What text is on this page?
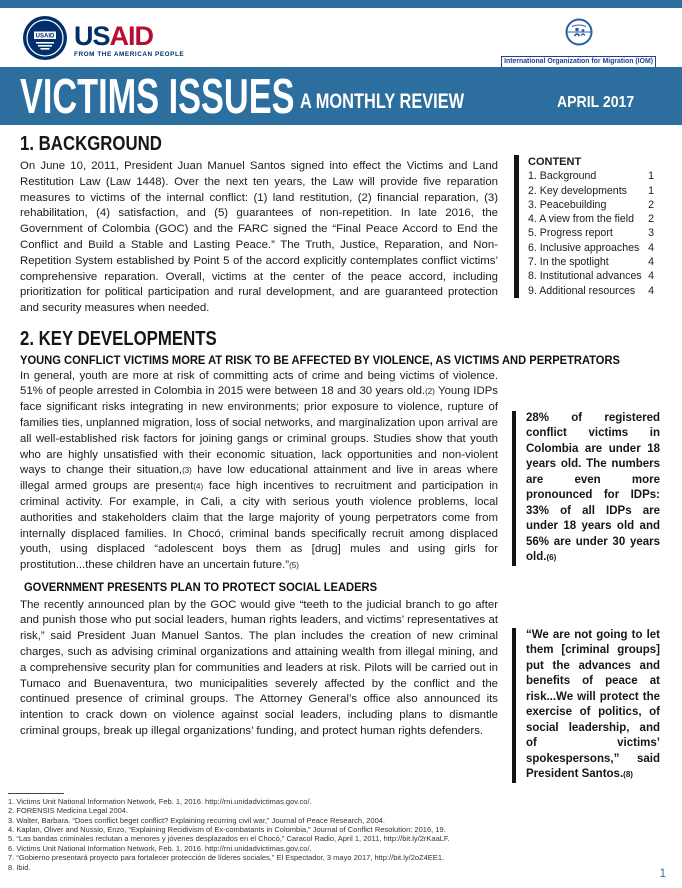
USAID USAID
FROM THE AMERICAN PEOPLE
International Organization for Migration (IOM)
VICTIMS ISSUES A MONTHLY REVIEW	APRIL 2017
1. BACKGROUND

On June 10, 2011, President Juan Manuel Santos signed into effect the Victims and Land Restitution Law (Law 1448). Over the next ten years, the Law will provide five reparation measures to victims of the internal conflict: (1) land restitution, (2) financial reparation, (3) rehabilitation, (4) satisfaction, and (5) guarantees of non-repetition. In late 2016, the Government of Colombia (GOC) and the FARC signed the “Final Peace Accord to End the Conflict and Build a Stable and Lasting Peace.” The Truth, Justice, Reparation, and Non-Repetition System established by Point 5 of the accord explicitly contemplates conflict victims’ comprehensive reparation. Overall, victims at the center of the peace accord, including prioritization for political participation and rural development, and are guaranteed protection and security measures when needed.

CONTENT
1. Background	1
2. Key developments 1
3. Peacebuilding	2
4. A view from the field 2
5. Progress report	3
6. Inclusive approaches 4
7. In the spotlight	4
8. Institutional advances 4
9. Additional resources 4
2. KEY DEVELOPMENTS
YOUNG CONFLICT VICTIMS MORE AT RISK TO BE AFFECTED BY VIOLENCE, AS VICTIMS AND PERPETRATORS

In general, youth are more at risk of committing acts of crime and being victims of violence. 51% of people arrested in Colombia in 2015 were between 18 and 30 years old.(2) Young IDPs face significant risks integrating in new environments; prior exposure to violence, rupture of families ties, unplanned migration, loss of social networks, and marginalization upon arrival are all well-established risk factors for joining gangs or criminal groups. Studies show that youth who are highly unsatisfied with their economic situation, lack opportunities and non-violent ways to change their situation,(3) have low educational attainment and live in areas where illegal armed groups are present(4) face high incentives to recruitment and participation in criminal activity. For example, in Cali, a city with serious youth violence problems, local authorities and stakeholders claim that the large majority of young perpetrators come from internally displaced families. In Chocó, criminal bands specifically recruit among displaced youth, using displaced “adolescent boys them as [drug] mules and using girls for prostitution...these children have an uncertain future.”(5)

GOVERNMENT PRESENTS PLAN TO PROTECT SOCIAL LEADERS

The recently announced plan by the GOC would give “teeth to the judicial branch to go after and punish those who put social leaders, human rights leaders, and victims’ representatives at risk,” said President Juan Manuel Santos. The plan includes the creation of new criminal charges, such as advising criminal organizations and attaining wealth from illegal mining, and a comprehensive security plan for communities and leaders at risk. Pilots will be carried out in Tumaco and Buenaventura, two municipalities severely affected by the conflict and the continued presence of criminal groups. The Attorney General’s office also announced its intention to crack down on violence against social leaders, including plans to dismantle criminal groups, break up illegal organizations’ funding, and protect human rights defenders.

28% of registered conflict victims in Colombia are under 18 years old. The numbers are even more pronounced for IDPs: 33% of all IDPs are under 18 years old and 56% are under 30 years old.(6)
“We are not going to let them [criminal groups] put the advances and benefits of peace at risk...We will protect the exercise of politics, of social leadership, and of victims’ spokespersons,” said President Santos.(8)
1. Victims Unit National Information Network, Feb. 1, 2016. http://rni.unidadvictimas.gov.co/.
2. FORENSIS Medicina Legal 2004.
3. Walter, Barbara. “Does conflict beget conflict? Explaining recurring civil war,” Journal of Peace Research, 2004.
4. Kaplan, Oliver and Nussio, Enzo, “Explaining Recidivism of Ex-combatants in Colombia,” Journal of Conflict Resolution: 2016, 19.
5. “Las bandas criminales reclutan a menores y jóvenes desplazados en el Chocó,” Caracol Radio, April 1, 2011, http://bit.ly/2rKaaLF.
6. Victims Unit National Information Network, Feb. 1, 2016. http://rni.unidadvictimas.gov.co/.
7. “Gobierno presentará proyecto para fortalecer protección de líderes sociales,” El Espectador, 3 mayo 2017, http://bit.ly/2oZ4EE1.
8. Ibid.
1
